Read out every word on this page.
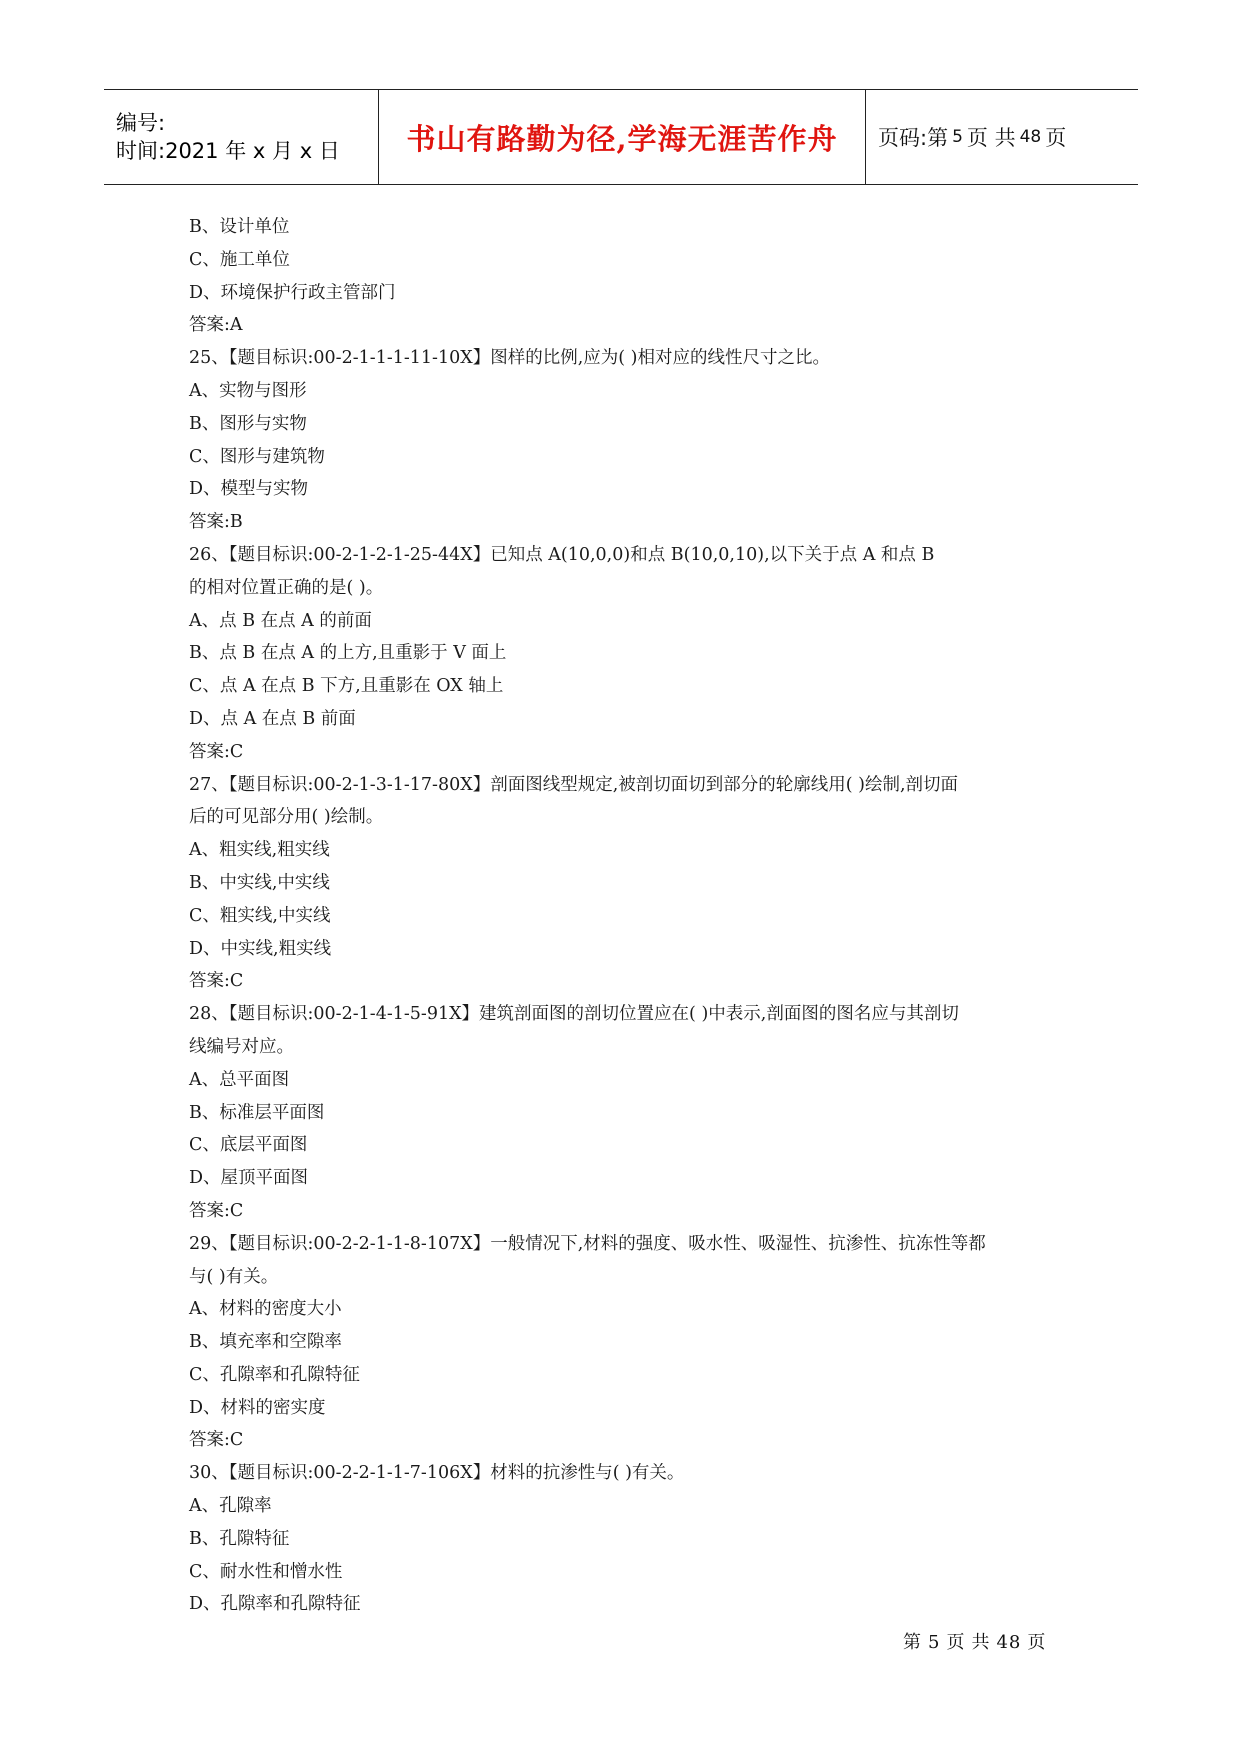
编号:
时间:2021 年 x 月 x 日	书山有路勤为径,学海无涯苦作舟	页码:第 5 页 共 48 页
B、设计单位
C、施工单位
D、环境保护行政主管部门
答案:A
25、【题目标识:00-2-1-1-1-11-10X】图样的比例,应为( )相对应的线性尺寸之比。
A、实物与图形
B、图形与实物
C、图形与建筑物
D、模型与实物
答案:B
26、【题目标识:00-2-1-2-1-25-44X】已知点 A(10,0,0)和点 B(10,0,10),以下关于点 A 和点 B
的相对位置正确的是( )。
A、点 B 在点 A 的前面
B、点 B 在点 A 的上方,且重影于 V 面上
C、点 A 在点 B 下方,且重影在 OX 轴上
D、点 A 在点 B 前面
答案:C
27、【题目标识:00-2-1-3-1-17-80X】剖面图线型规定,被剖切面切到部分的轮廓线用( )绘制,剖切面
后的可见部分用( )绘制。
A、粗实线,粗实线
B、中实线,中实线
C、粗实线,中实线
D、中实线,粗实线
答案:C
28、【题目标识:00-2-1-4-1-5-91X】建筑剖面图的剖切位置应在( )中表示,剖面图的图名应与其剖切
线编号对应。
A、总平面图
B、标准层平面图
C、底层平面图
D、屋顶平面图
答案:C
29、【题目标识:00-2-2-1-1-8-107X】一般情况下,材料的强度、吸水性、吸湿性、抗渗性、抗冻性等都
与( )有关。
A、材料的密度大小
B、填充率和空隙率
C、孔隙率和孔隙特征
D、材料的密实度
答案:C
30、【题目标识:00-2-2-1-1-7-106X】材料的抗渗性与( )有关。
A、孔隙率
B、孔隙特征
C、耐水性和憎水性
D、孔隙率和孔隙特征
第 5 页 共 48 页
